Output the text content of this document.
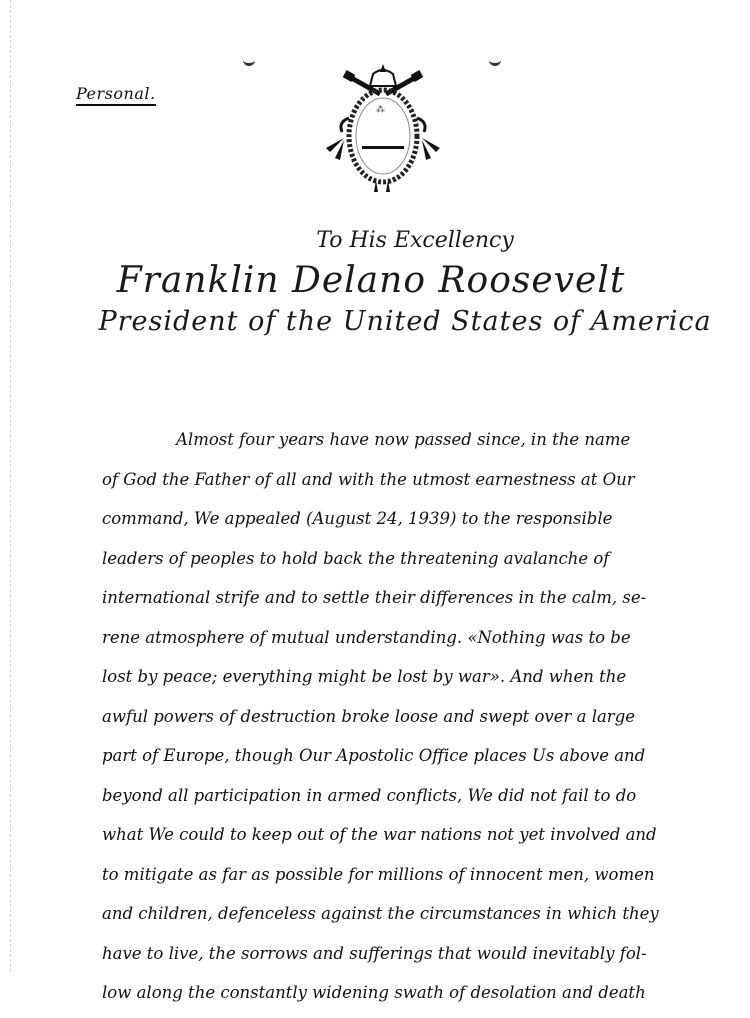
Personal.
⁂
To His Excellency
Franklin Delano Roosevelt
President of the United States of America
Almost four years have now passed since, in the name
of God the Father of all and with the utmost earnestness at Our
command, We appealed (August 24, 1939) to the responsible
leaders of peoples to hold back the threatening avalanche of
international strife and to settle their differences in the calm, se-
rene atmosphere of mutual understanding. «Nothing was to be
lost by peace; everything might be lost by war». And when the
awful powers of destruction broke loose and swept over a large
part of Europe, though Our Apostolic Office places Us above and
beyond all participation in armed conflicts, We did not fail to do
what We could to keep out of the war nations not yet involved and
to mitigate as far as possible for millions of innocent men, women
and children, defenceless against the circumstances in which they
have to live, the sorrows and sufferings that would inevitably fol-
low along the constantly widening swath of desolation and death
